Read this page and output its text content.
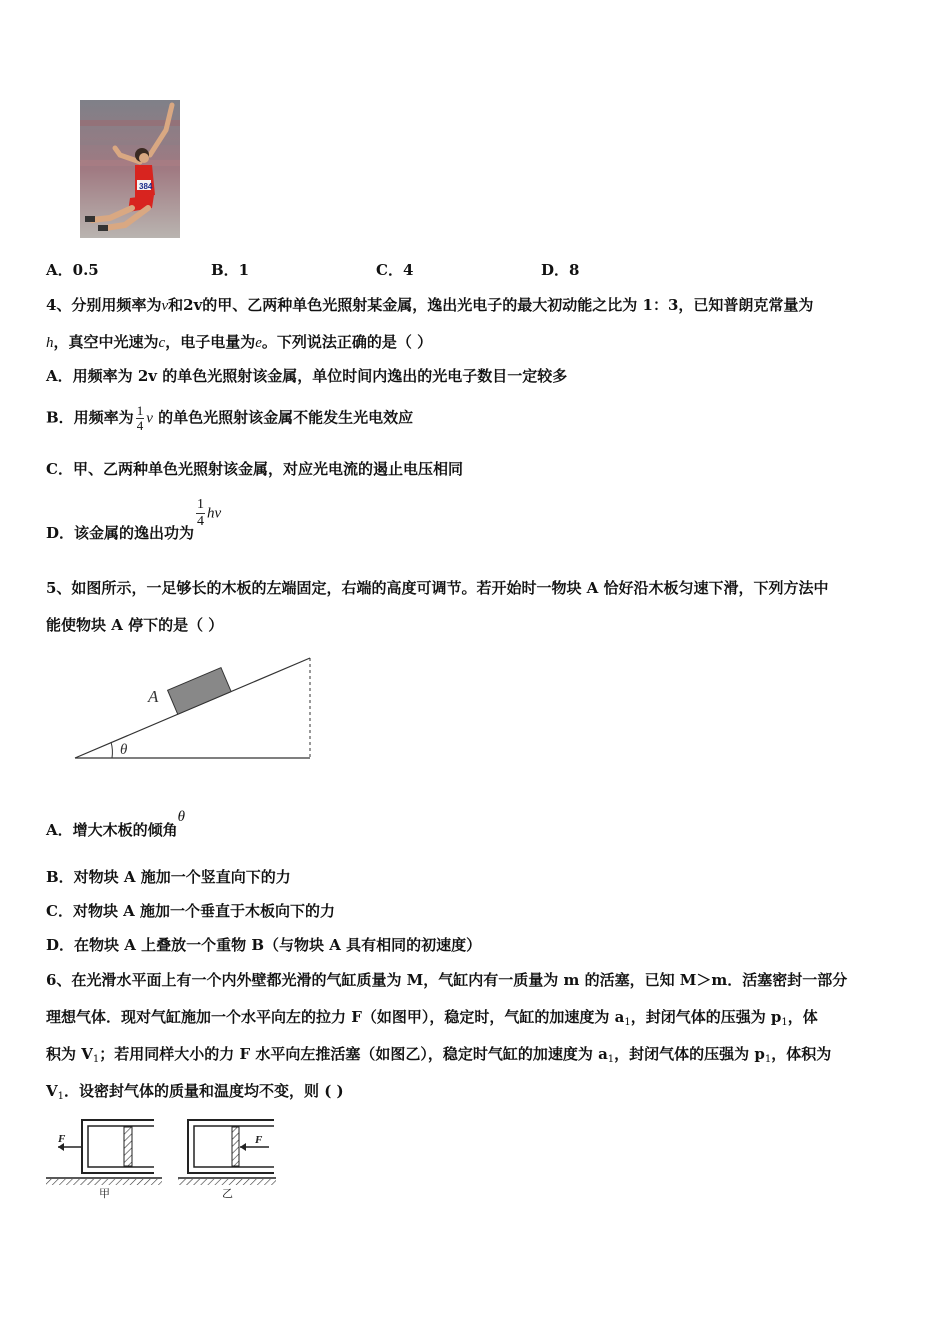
384
A．0.5	B．1	C．4	D．8
4、分别用频率为v和2v的甲、乙两种单色光照射某金属，逸出光电子的最大初动能之比为 1：3，已知普朗克常量为
h，真空中光速为c，电子电量为e。下列说法正确的是（ ）
A．用频率为 2v 的单色光照射该金属，单位时间内逸出的光电子数目一定较多
B．用频率为 $\frac{1}{4}$ ν 的单色光照射该金属不能发生光电效应
C．甲、乙两种单色光照射该金属，对应光电流的遏止电压相同
D．该金属的逸出功为
$\frac{1}{4}$ hν
5、如图所示，一足够长的木板的左端固定，右端的高度可调节。若开始时一物块 A 恰好沿木板匀速下滑，下列方法中
能使物块 A 停下的是（ ）
A
θ
A．增大木板的倾角θ
B．对物块 A 施加一个竖直向下的力
C．对物块 A 施加一个垂直于木板向下的力
D．在物块 A 上叠放一个重物 B（与物块 A 具有相同的初速度）
6、在光滑水平面上有一个内外壁都光滑的气缸质量为 M，气缸内有一质量为 m 的活塞，已知 M＞m．活塞密封一部分
理想气体．现对气缸施加一个水平向左的拉力 F（如图甲），稳定时，气缸的加速度为 $a_1$，封闭气体的压强为 $p_1$，体
积为 $V_1$；若用同样大小的力 F 水平向左推活塞（如图乙），稳定时气缸的加速度为 $a_1$，封闭气体的压强为 $p_1$，体积为
$V_1$．设密封气体的质量和温度均不变，则 ( )
F
甲
F
乙
